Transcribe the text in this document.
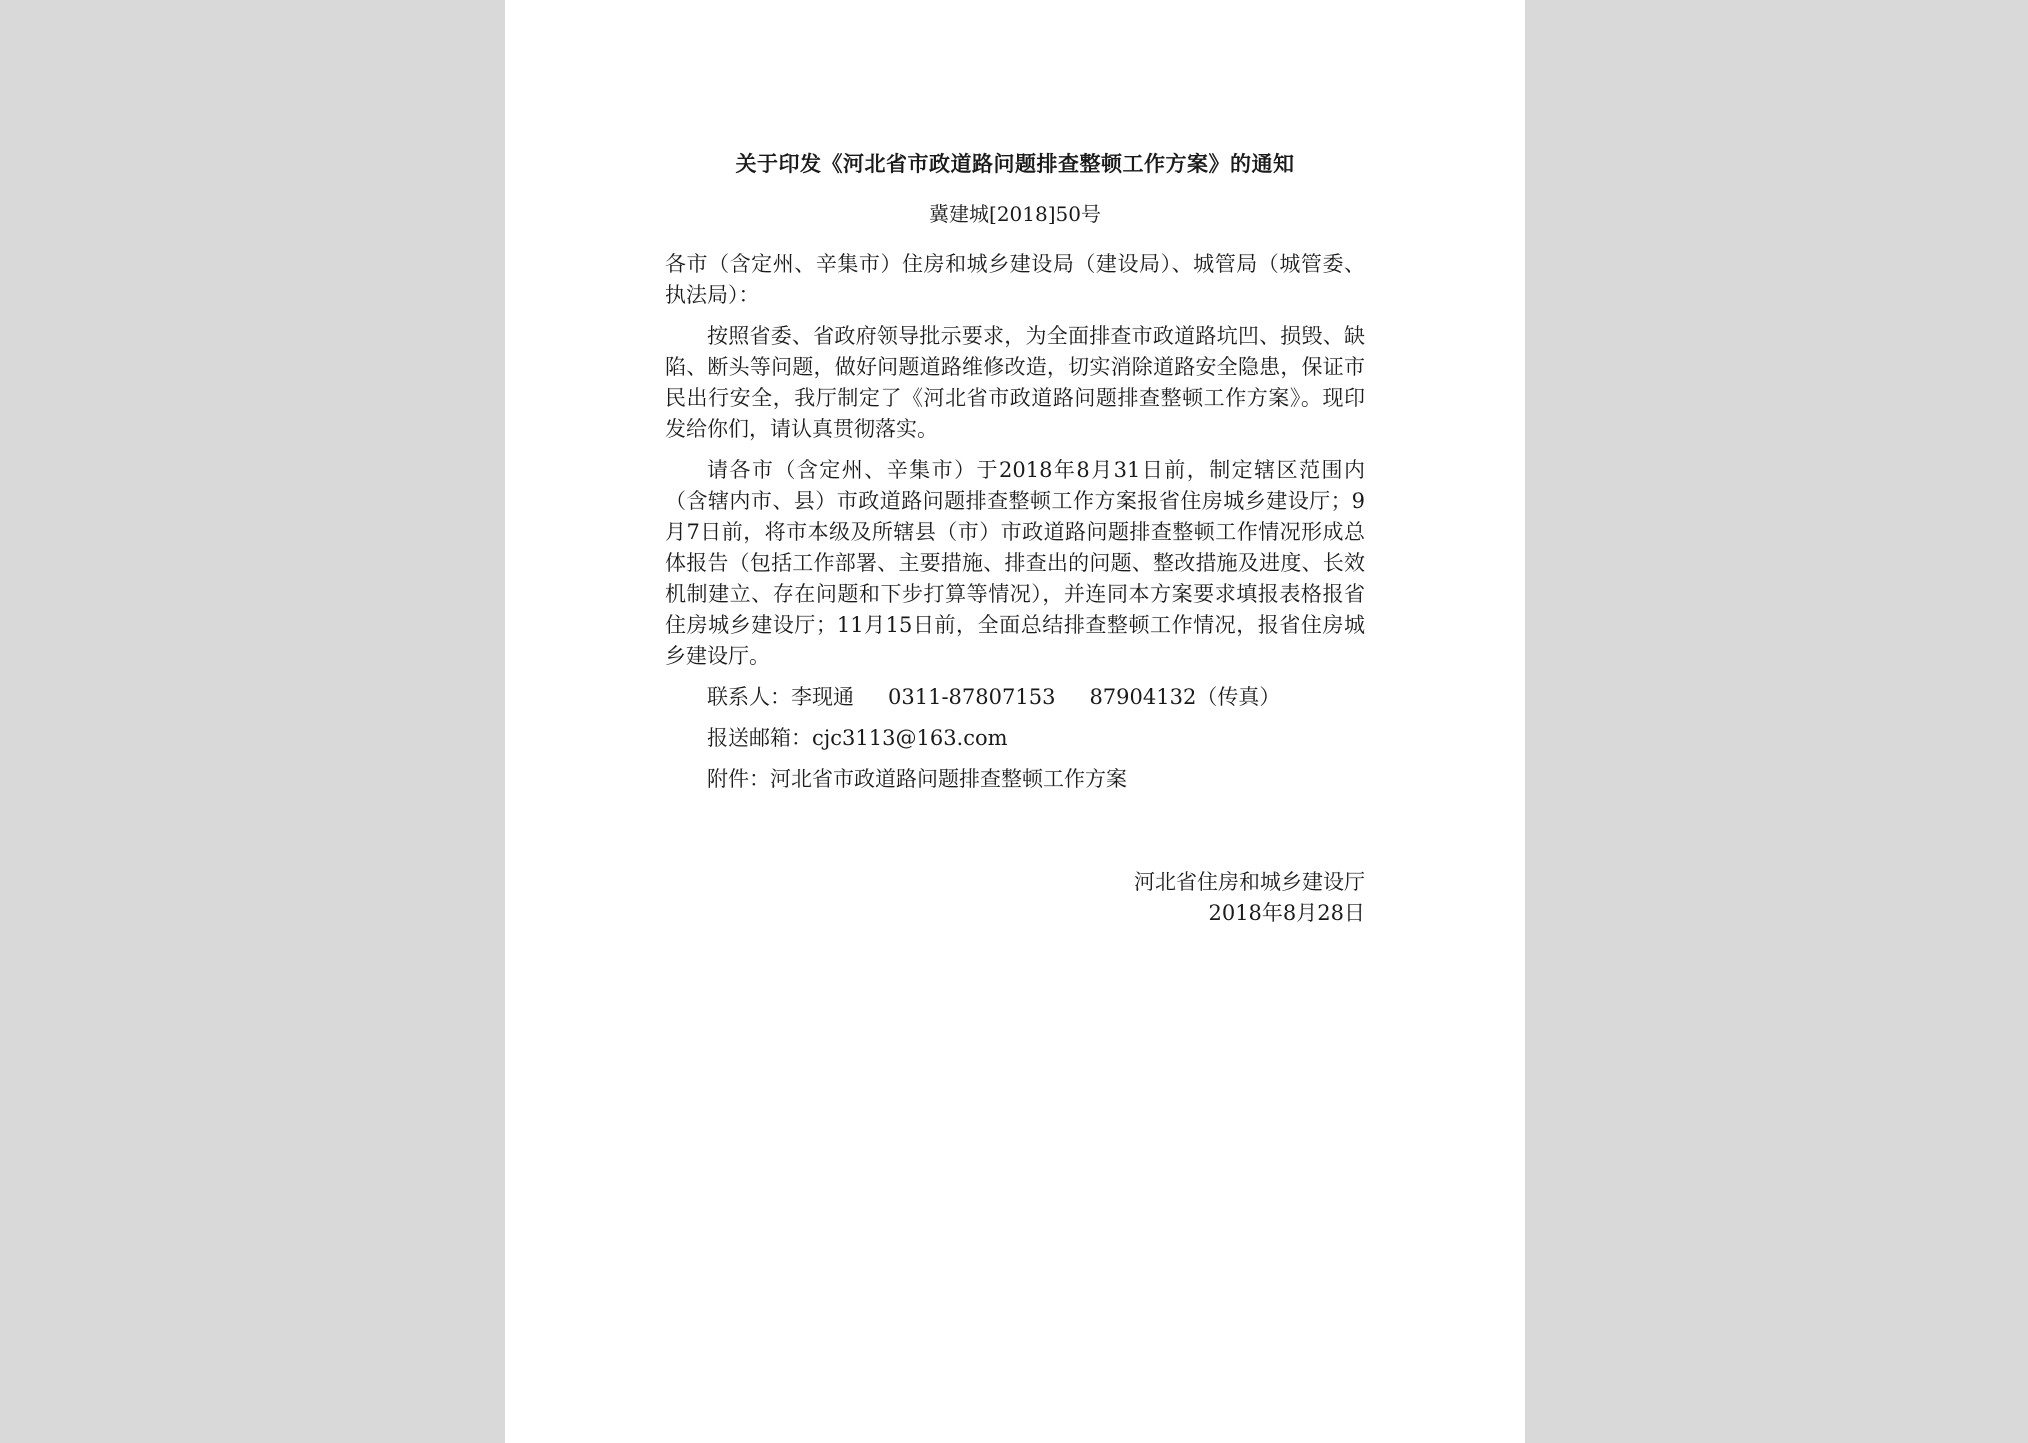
关于印发《河北省市政道路问题排查整顿工作方案》的通知
冀建城[2018]50号

各市（含定州、辛集市）住房和城乡建设局（建设局）、城管局（城管委、执法局）：

按照省委、省政府领导批示要求，为全面排查市政道路坑凹、损毁、缺陷、断头等问题，做好问题道路维修改造，切实消除道路安全隐患，保证市民出行安全，我厅制定了《河北省市政道路问题排查整顿工作方案》。现印发给你们，请认真贯彻落实。

请各市（含定州、辛集市）于2018年8月31日前，制定辖区范围内（含辖内市、县）市政道路问题排查整顿工作方案报省住房城乡建设厅；9月7日前，将市本级及所辖县（市）市政道路问题排查整顿工作情况形成总体报告（包括工作部署、主要措施、排查出的问题、整改措施及进度、长效机制建立、存在问题和下步打算等情况），并连同本方案要求填报表格报省住房城乡建设厅；11月15日前，全面总结排查整顿工作情况，报省住房城乡建设厅。

联系人：李现通 0311-87807153 87904132（传真）

报送邮箱：cjc3113@163.com

附件：河北省市政道路问题排查整顿工作方案

河北省住房和城乡建设厅
2018年8月28日
